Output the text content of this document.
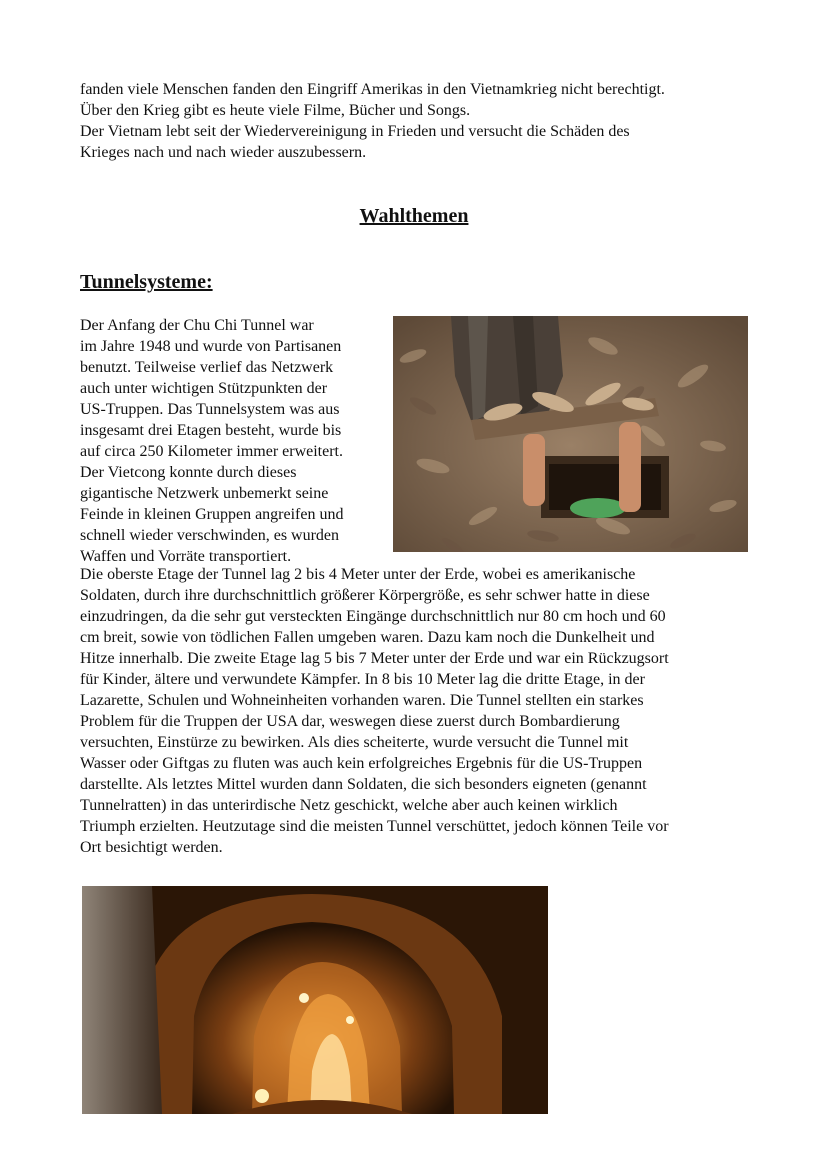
fanden viele Menschen fanden den Eingriff Amerikas in den Vietnamkrieg nicht berechtigt.
Über den Krieg gibt es heute viele Filme, Bücher und Songs.
Der Vietnam lebt seit der Wiedervereinigung in Frieden und versucht die Schäden des
Krieges nach und nach wieder auszubessern.
Wahlthemen
Tunnelsysteme:
Der Anfang der Chu Chi Tunnel war
im Jahre 1948 und wurde von Partisanen
benutzt. Teilweise verlief das Netzwerk
auch unter wichtigen Stützpunkten der
US-Truppen. Das Tunnelsystem was aus
insgesamt drei Etagen besteht, wurde bis
auf circa 250 Kilometer immer erweitert.
Der Vietcong konnte durch dieses
gigantische Netzwerk unbemerkt seine
Feinde in kleinen Gruppen angreifen und
schnell wieder verschwinden, es wurden
Waffen und Vorräte transportiert.
Die oberste Etage der Tunnel lag 2 bis 4 Meter unter der Erde, wobei es amerikanische
Soldaten, durch ihre durchschnittlich größerer Körpergröße, es sehr schwer hatte in diese
einzudringen, da die sehr gut versteckten Eingänge durchschnittlich nur 80 cm hoch und 60
cm breit, sowie von tödlichen Fallen umgeben waren. Dazu kam noch die Dunkelheit und
Hitze innerhalb. Die zweite Etage lag 5 bis 7 Meter unter der Erde und war ein Rückzugsort
für Kinder, ältere und verwundete Kämpfer. In 8 bis 10 Meter lag die dritte Etage, in der
Lazarette, Schulen und Wohneinheiten vorhanden waren. Die Tunnel stellten ein starkes
Problem für die Truppen der USA dar, weswegen diese zuerst durch Bombardierung
versuchten, Einstürze zu bewirken. Als dies scheiterte, wurde versucht die Tunnel mit
Wasser oder Giftgas zu fluten was auch kein erfolgreiches Ergebnis für die US-Truppen
darstellte. Als letztes Mittel wurden dann Soldaten, die sich besonders eigneten (genannt
Tunnelratten) in das unterirdische Netz geschickt, welche aber auch keinen wirklich
Triumph erzielten. Heutzutage sind die meisten Tunnel verschüttet, jedoch können Teile vor
Ort besichtigt werden.
